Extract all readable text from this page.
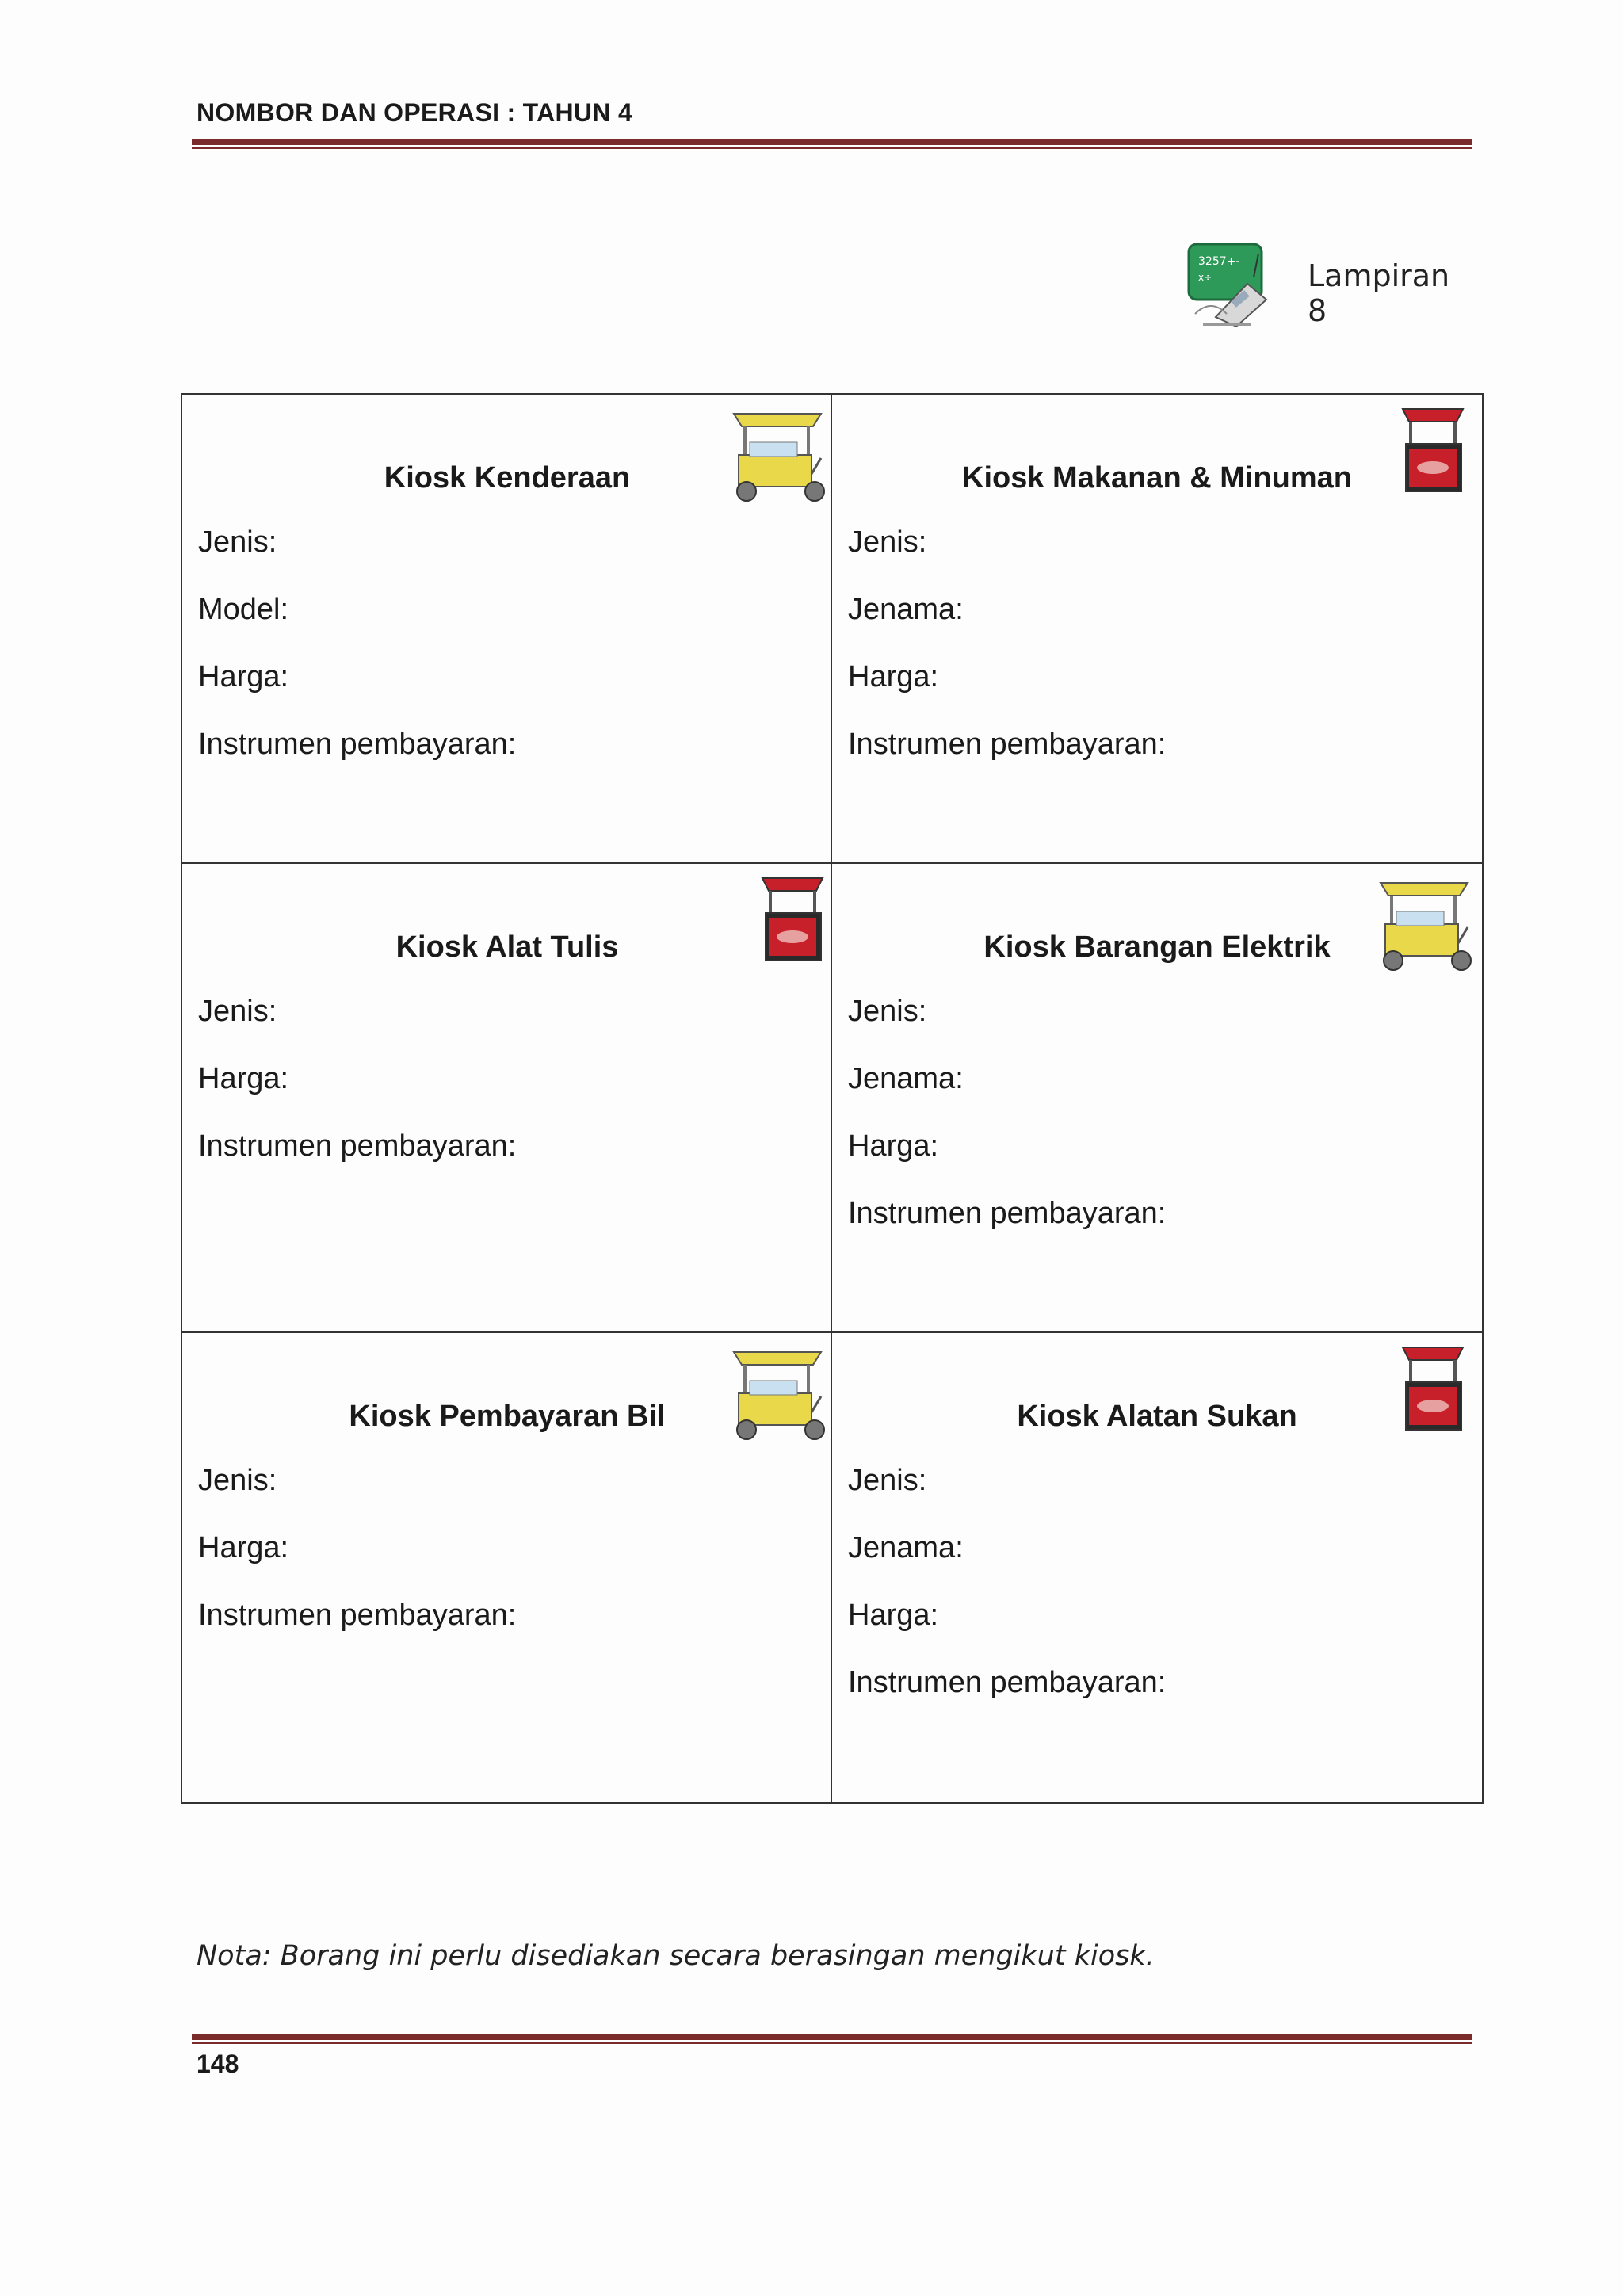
NOMBOR DAN OPERASI : TAHUN 4
3257+-
x÷	Lampiran 8
Kiosk Kenderaan
Jenis:
Model:
Harga:
Instrumen pembayaran:
Kiosk Makanan & Minuman
Jenis:
Jenama:
Harga:
Instrumen pembayaran:
Kiosk Alat Tulis
Jenis:
Harga:
Instrumen pembayaran:
Kiosk Barangan Elektrik
Jenis:
Jenama:
Harga:
Instrumen pembayaran:
Kiosk Pembayaran Bil
Jenis:
Harga:
Instrumen pembayaran:
Kiosk Alatan Sukan
Jenis:
Jenama:
Harga:
Instrumen pembayaran:
Nota: Borang ini perlu disediakan secara berasingan mengikut kiosk.
148
